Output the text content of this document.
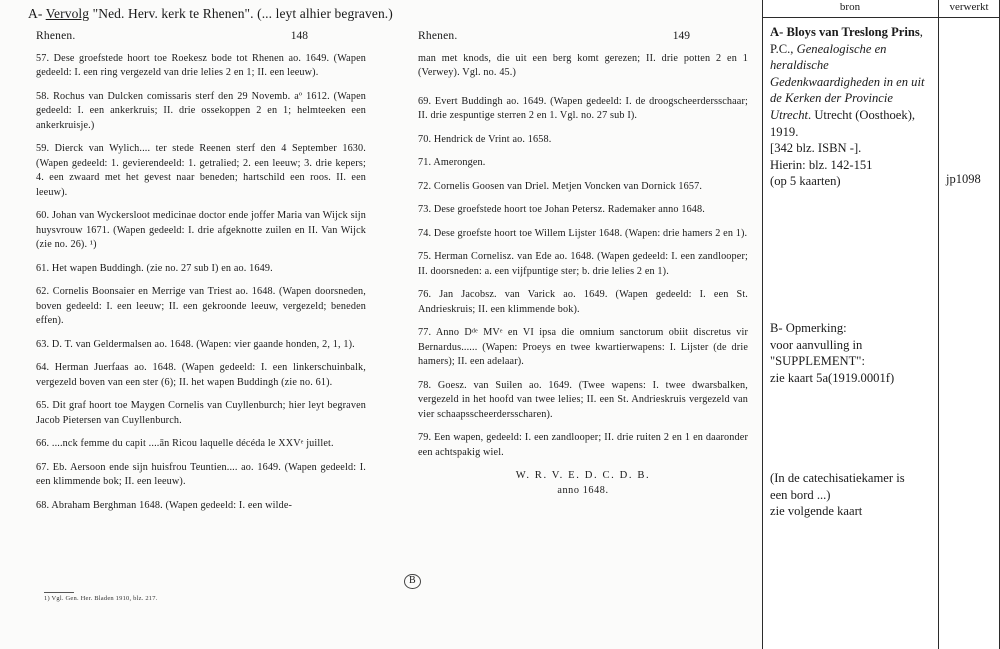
A- Vervolg "Ned. Herv. kerk te Rhenen". (... leyt alhier begraven.)
Rhenen.	148
57. Dese groefstede hoort toe Roekesz bode tot Rhenen ao. 1649. (Wapen gedeeld: I. een ring vergezeld van drie lelies 2 en 1; II. een leeuw).
58. Rochus van Dulcken comissaris sterf den 29 Novemb. aº 1612. (Wapen gedeeld: I. een ankerkruis; II. drie ossekoppen 2 en 1; helmteeken een ankerkruisje.)
59. Dierck van Wylich.... ter stede Reenen sterf den 4 September 1630. (Wapen gedeeld: 1. gevierendeeld: 1. getralied; 2. een leeuw; 3. drie kepers; 4. een zwaard met het gevest naar beneden; hartschild een roos. II. een leeuw).
60. Johan van Wyckersloot medicinae doctor ende joffer Maria van Wijck sijn huysvrouw 1671. (Wapen gedeeld: I. drie afgeknotte zuilen en II. Van Wijck (zie no. 26). ¹)
61. Het wapen Buddingh. (zie no. 27 sub I) en ao. 1649.
62. Cornelis Boonsaier en Merrige van Triest ao. 1648. (Wapen doorsneden, boven gedeeld: I. een leeuw; II. een gekroonde leeuw, vergezeld; beneden effen).
63. D. T. van Geldermalsen ao. 1648. (Wapen: vier gaande honden, 2, 1, 1).
64. Herman Juerfaas ao. 1648. (Wapen gedeeld: I. een linkerschuinbalk, vergezeld boven van een ster (6); II. het wapen Buddingh (zie no. 61).
65. Dit graf hoort toe Maygen Cornelis van Cuyllenburch; hier leyt begraven Jacob Pietersen van Cuyllenburch.
66. ....nck femme du capit ....ān Ricou laquelle décéda le XXVᵉ juillet.
67. Eb. Aersoon ende sijn huisfrou Teuntien.... ao. 1649. (Wapen gedeeld: I. een klimmende bok; II. een leeuw).
68. Abraham Berghman 1648. (Wapen gedeeld: I. een wilde-
Rhenen.	149
man met knods, die uit een berg komt gerezen; II. drie potten 2 en 1 (Verwey). Vgl. no. 45.)
69. Evert Buddingh ao. 1649. (Wapen gedeeld: I. de droogscheerdersschaar; II. drie zespuntige sterren 2 en 1. Vgl. no. 27 sub I).
70. Hendrick de Vrint ao. 1658.
71. Amerongen.
72. Cornelis Goosen van Driel. Metjen Voncken van Dornick 1657.
73. Dese groefstede hoort toe Johan Petersz. Rademaker anno 1648.
74. Dese groefste hoort toe Willem Lijster 1648. (Wapen: drie hamers 2 en 1).
75. Herman Cornelisz. van Ede ao. 1648. (Wapen gedeeld: I. een zandlooper; II. doorsneden: a. een vijfpuntige ster; b. drie lelies 2 en 1).
76. Jan Jacobsz. van Varick ao. 1649. (Wapen gedeeld: I. een St. Andrieskruis; II. een klimmende bok).
77. Anno Dᵈᵉ MVᵉ en VI ipsa die omnium sanctorum obiit discretus vir Bernardus...... (Wapen: Proeys en twee kwartierwapens: I. Lijster (de drie hamers); II. een adelaar).
78. Goesz. van Suilen ao. 1649. (Twee wapens: I. twee dwarsbalken, vergezeld in het hoofd van twee lelies; II. een St. Andrieskruis vergezeld van vier schaapsscheerdersscharen).
79. Een wapen, gedeeld: I. een zandlooper; II. drie ruiten 2 en 1 en daaronder een achtspakig wiel.
W. R. V. E. D. C. D. B.
anno 1648.
B
1) Vgl. Gen. Her. Bladen 1910, blz. 217.
bron	verwerkt
A- Bloys van Treslong Prins, P.C., Genealogische en heraldische Gedenkwaardigheden in en uit de Kerken der Provincie Utrecht. Utrecht (Oosthoek), 1919.
[342 blz. ISBN -].
Hierin: blz. 142-151
(op 5 kaarten)	jp1098
B- Opmerking:
voor aanvulling in
"SUPPLEMENT":
zie kaart 5a(1919.0001f)
(In de catechisatiekamer is
een bord ...)
zie volgende kaart
